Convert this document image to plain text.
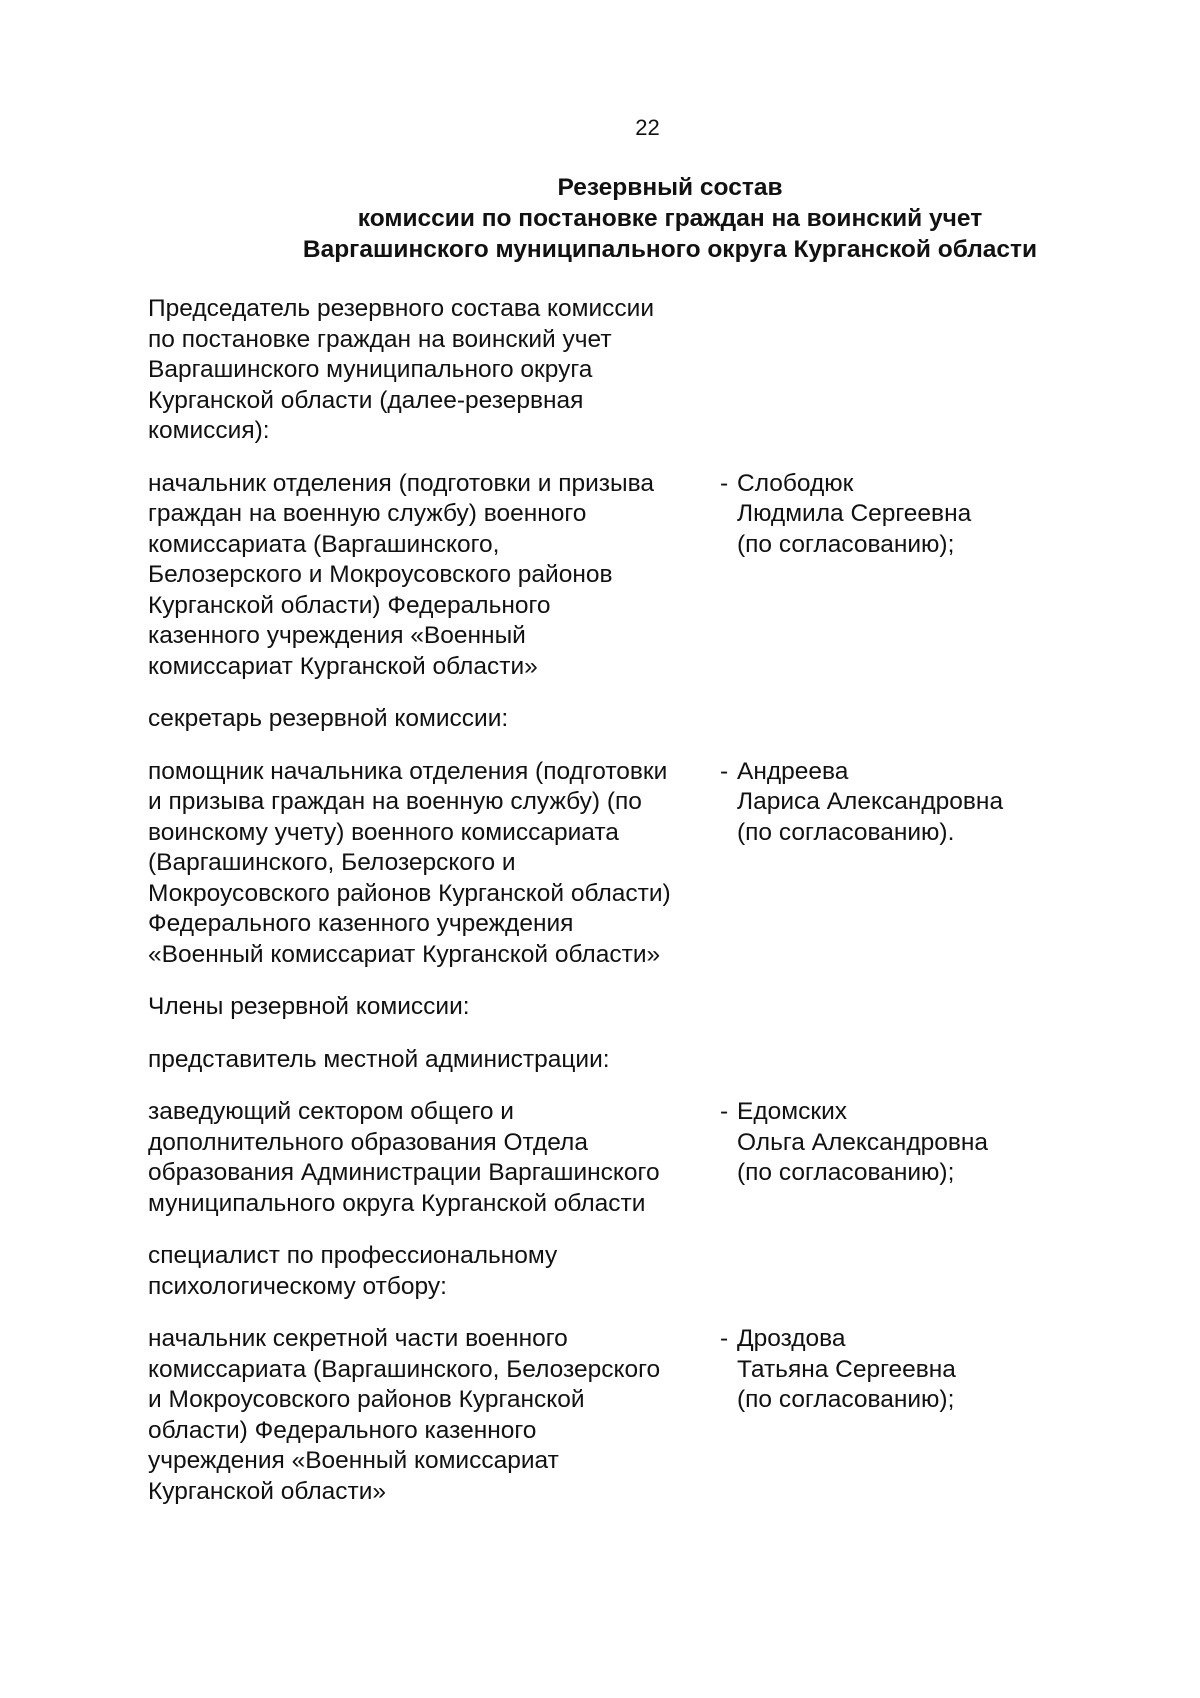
22
Резервный состав
комиссии по постановке граждан на воинский учет
Варгашинского муниципального округа Курганской области
Председатель резервного состава комиссии
по постановке граждан на воинский учет
Варгашинского муниципального округа
Курганской области (далее-резервная
комиссия):
начальник отделения (подготовки и призыва
граждан на военную службу) военного
комиссариата (Варгашинского,
Белозерского и Мокроусовского районов
Курганской области) Федерального
казенного учреждения «Военный
комиссариат Курганской области»
- Слободюк
Людмила Сергеевна
(по согласованию);
секретарь резервной комиссии:
помощник начальника отделения (подготовки
и призыва граждан на военную службу) (по
воинскому учету) военного комиссариата
(Варгашинского, Белозерского и
Мокроусовского районов Курганской области)
Федерального казенного учреждения
«Военный комиссариат Курганской области»
- Андреева
Лариса Александровна
(по согласованию).
Члены резервной комиссии:
представитель местной администрации:
заведующий сектором общего и
дополнительного образования Отдела
образования Администрации Варгашинского
муниципального округа Курганской области
- Едомских
Ольга Александровна
(по согласованию);
специалист по профессиональному
психологическому отбору:
начальник секретной части военного
комиссариата (Варгашинского, Белозерского
и Мокроусовского районов Курганской
области) Федерального казенного
учреждения «Военный комиссариат
Курганской области»
- Дроздова
Татьяна Сергеевна
(по согласованию);
